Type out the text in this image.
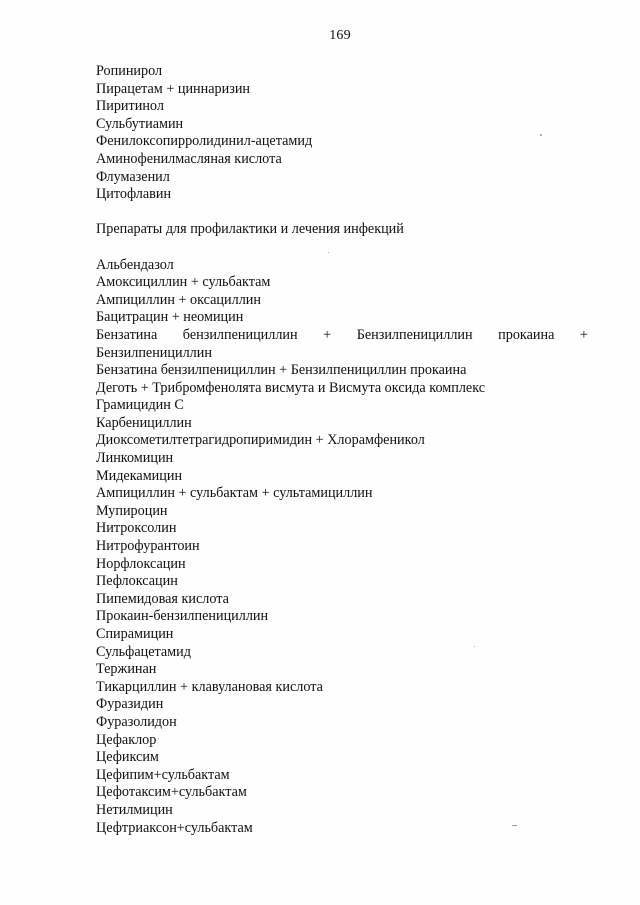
169
Ропинирол
Пирацетам + циннаризин
Пиритинол
Сульбутиамин
Фенилоксопирролидинил-ацетамид
Аминофенилмасляная кислота
Флумазенил
Цитофлавин
Препараты для профилактики и лечения инфекций
Альбендазол
Амоксициллин + сульбактам
Ампициллин + оксациллин
Бацитрацин + неомицин
Бензатина бензилпенициллин + Бензилпенициллин прокаина +
Бензилпенициллин
Бензатина бензилпенициллин + Бензилпенициллин прокаина
Деготь + Трибромфенолята висмута и Висмута оксида комплекс
Грамицидин С
Карбенициллин
Диоксометилтетрагидропиримидин + Хлорамфеникол
Линкомицин
Мидекамицин
Ампициллин + сульбактам + сультамициллин
Мупироцин
Нитроксолин
Нитрофурантоин
Норфлоксацин
Пефлоксацин
Пипемидовая кислота
Прокаин-бензилпенициллин
Спирамицин
Сульфацетамид
Тержинан
Тикарциллин + клавулановая кислота
Фуразидин
Фуразолидон
Цефаклор
Цефиксим
Цефипим+сульбактам
Цефотаксим+сульбактам
Нетилмицин
Цефтриаксон+сульбактам
